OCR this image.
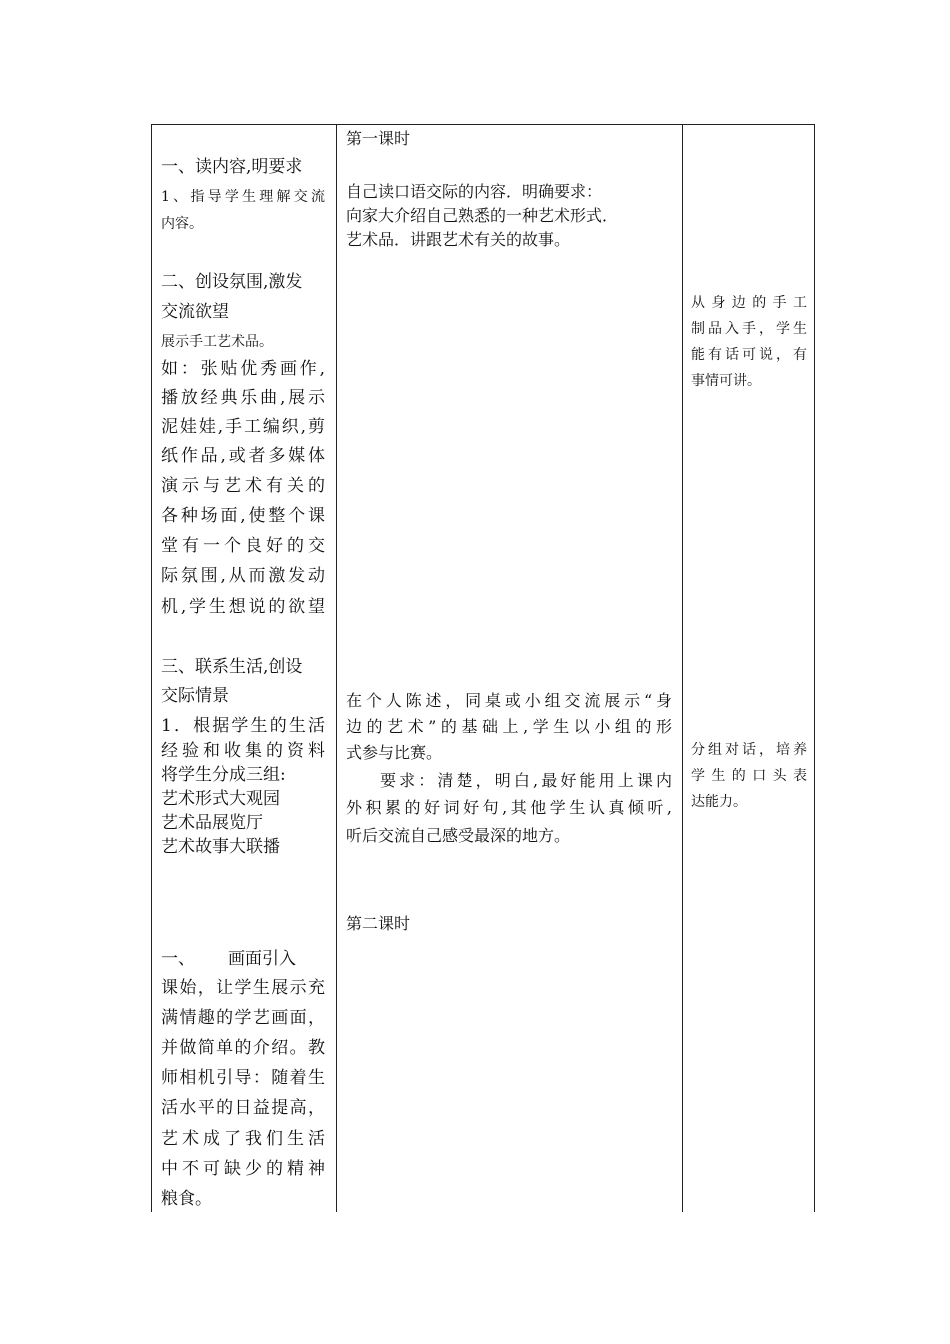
一、读内容,明要求
1、指导学生理解交流
内容。
二、创设氛围,激发
交流欲望
展示手工艺术品。
如：张贴优秀画作,
播放经典乐曲,展示
泥娃娃,手工编织,剪
纸作品,或者多媒体
演示与艺术有关的
各种场面,使整个课
堂有一个良好的交
际氛围,从而激发动
机,学生想说的欲望
三、联系生活,创设
交际情景
1．根据学生的生活
经验和收集的资料
将学生分成三组:
艺术形式大观园
艺术品展览厅
艺术故事大联播
一、 画面引入
课始，让学生展示充
满情趣的学艺画面，
并做简单的介绍。教
师相机引导：随着生
活水平的日益提高，
艺术成了我们生活
中不可缺少的精神
粮食。
第一课时
自己读口语交际的内容．明确要求：
向家大介绍自己熟悉的一种艺术形式．
艺术品．讲跟艺术有关的故事。
在个人陈述，同桌或小组交流展示“身
边的艺术”的基础上,学生以小组的形
式参与比赛。
要求：清楚，明白,最好能用上课内
外积累的好词好句,其他学生认真倾听,
听后交流自己感受最深的地方。
第二课时
从身边的手工
制品入手，学生
能有话可说，有
事情可讲。
分组对话，培养
学生的口头表
达能力。
